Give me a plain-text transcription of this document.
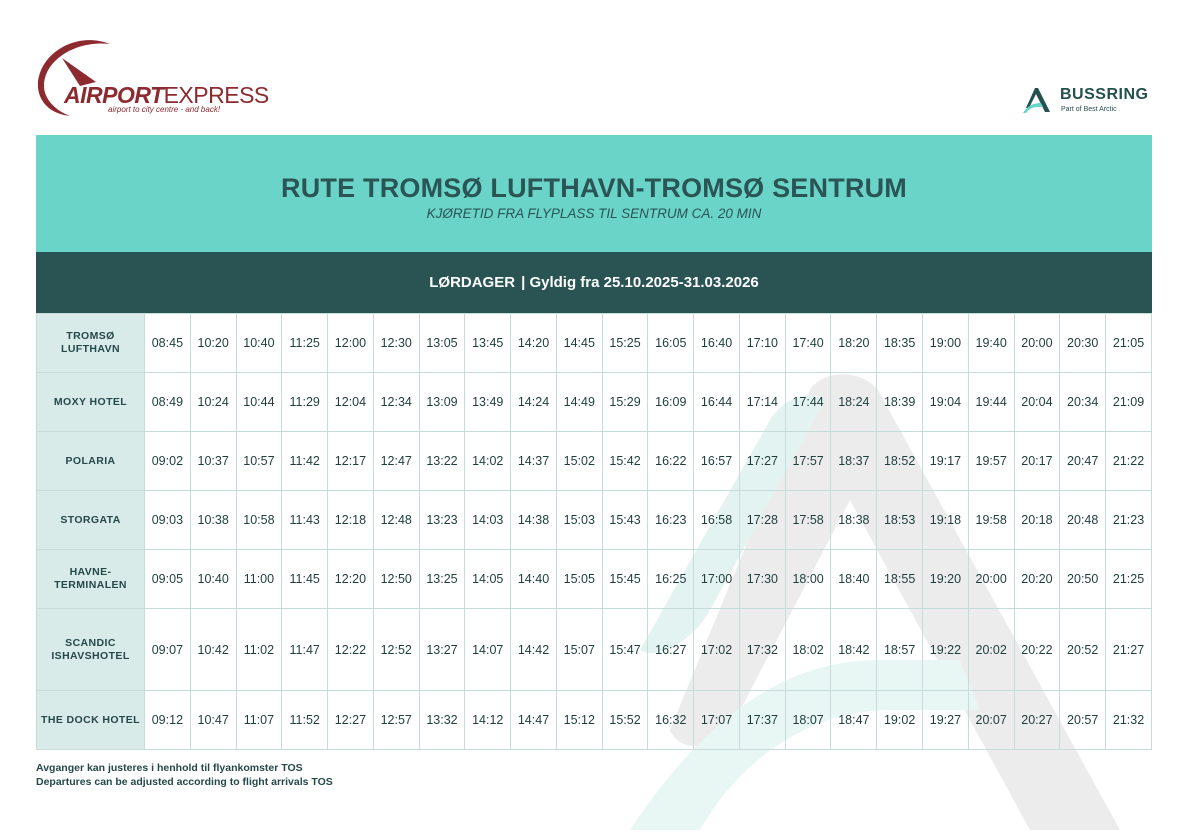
AIRPORTEXPRESS
airport to city centre - and back!
BUSSRING
Part of Best Arctic
RUTE TROMSØ LUFTHAVN-TROMSØ SENTRUM
KJØRETID FRA FLYPLASS TIL SENTRUM CA. 20 MIN
LØRDAGER | Gyldig fra 25.10.2025-31.03.2026
TROMSØ
LUFTHAVN	08:45	10:20	10:40	11:25	12:00	12:30	13:05	13:45	14:20	14:45	15:25	16:05	16:40	17:10	17:40	18:20	18:35	19:00	19:40	20:00	20:30	21:05
MOXY HOTEL	08:49	10:24	10:44	11:29	12:04	12:34	13:09	13:49	14:24	14:49	15:29	16:09	16:44	17:14	17:44	18:24	18:39	19:04	19:44	20:04	20:34	21:09
POLARIA	09:02	10:37	10:57	11:42	12:17	12:47	13:22	14:02	14:37	15:02	15:42	16:22	16:57	17:27	17:57	18:37	18:52	19:17	19:57	20:17	20:47	21:22
STORGATA	09:03	10:38	10:58	11:43	12:18	12:48	13:23	14:03	14:38	15:03	15:43	16:23	16:58	17:28	17:58	18:38	18:53	19:18	19:58	20:18	20:48	21:23
HAVNE-
TERMINALEN	09:05	10:40	11:00	11:45	12:20	12:50	13:25	14:05	14:40	15:05	15:45	16:25	17:00	17:30	18:00	18:40	18:55	19:20	20:00	20:20	20:50	21:25
SCANDIC
ISHAVSHOTEL	09:07	10:42	11:02	11:47	12:22	12:52	13:27	14:07	14:42	15:07	15:47	16:27	17:02	17:32	18:02	18:42	18:57	19:22	20:02	20:22	20:52	21:27
THE DOCK HOTEL	09:12	10:47	11:07	11:52	12:27	12:57	13:32	14:12	14:47	15:12	15:52	16:32	17:07	17:37	18:07	18:47	19:02	19:27	20:07	20:27	20:57	21:32
Avganger kan justeres i henhold til flyankomster TOS
Departures can be adjusted according to flight arrivals TOS
